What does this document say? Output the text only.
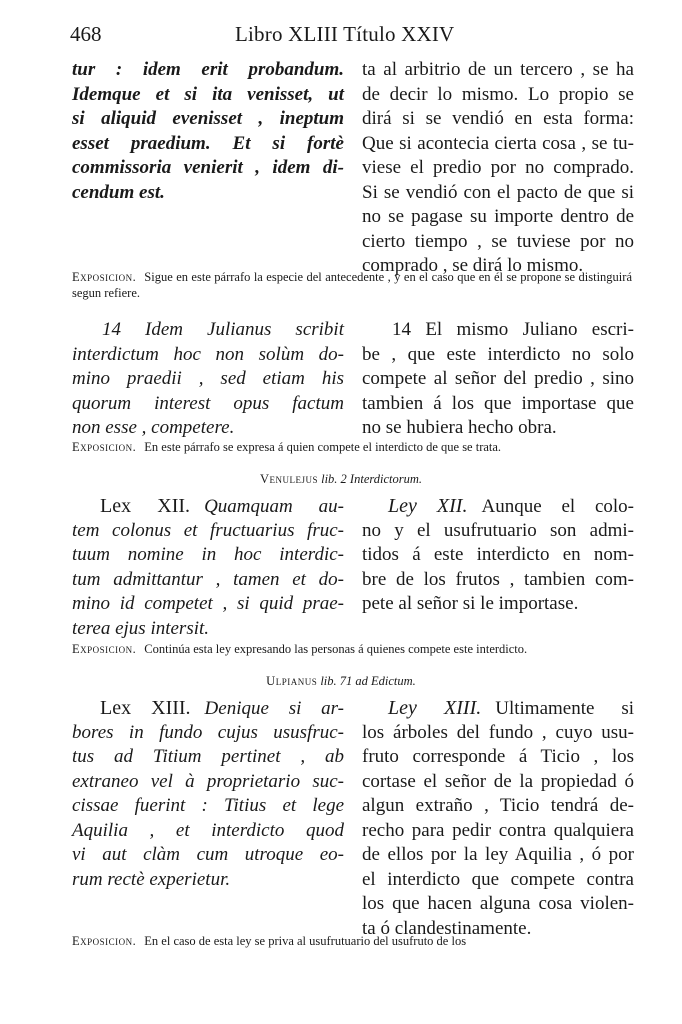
468	Libro XLIII Título XXIV
tur : idem erit probandum.
Idemque et si ita venisset, ut
si aliquid evenisset , ineptum
esset praedium. Et si fortè
commissoria venierit , idem di-
cendum est.
ta al arbitrio de un tercero , se ha
de decir lo mismo. Lo propio se
dirá si se vendió en esta forma:
Que si acontecia cierta cosa , se tu-
viese el predio por no comprado.
Si se vendió con el pacto de que si
no se pagase su importe dentro de
cierto tiempo , se tuviese por no
comprado , se dirá lo mismo.
Exposicion. Sigue en este párrafo la especie del antecedente , y en el caso que en él se propone se distinguirá segun refiere.
14 Idem Julianus scribit
interdictum hoc non solùm do-
mino praedii , sed etiam his
quorum interest opus factum
non esse , competere.
14 El mismo Juliano escri-
be , que este interdicto no solo
compete al señor del predio , sino
tambien á los que importase que
no se hubiera hecho obra.
Exposicion. En este párrafo se expresa á quien compete el interdicto de que se trata.
Venulejus lib. 2 Interdictorum.
Lex XII. Quamquam au-
tem colonus et fructuarius fruc-
tuum nomine in hoc interdic-
tum admittantur , tamen et do-
mino id competet , si quid prae-
terea ejus intersit.
Ley XII. Aunque el colo-
no y el usufrutuario son admi-
tidos á este interdicto en nom-
bre de los frutos , tambien com-
pete al señor si le importase.
Exposicion. Continúa esta ley expresando las personas á quienes compete este interdicto.
Ulpianus lib. 71 ad Edictum.
Lex XIII. Denique si ar-
bores in fundo cujus ususfruc-
tus ad Titium pertinet , ab
extraneo vel à proprietario suc-
cissae fuerint : Titius et lege
Aquilia , et interdicto quod
vi aut clàm cum utroque eo-
rum rectè experietur.
Ley XIII. Ultimamente si
los árboles del fundo , cuyo usu-
fruto corresponde á Ticio , los
cortase el señor de la propiedad ó
algun extraño , Ticio tendrá de-
recho para pedir contra qualquiera
de ellos por la ley Aquilia , ó por
el interdicto que compete contra
los que hacen alguna cosa violen-
ta ó clandestinamente.
Exposicion. En el caso de esta ley se priva al usufrutuario del usufruto de los
